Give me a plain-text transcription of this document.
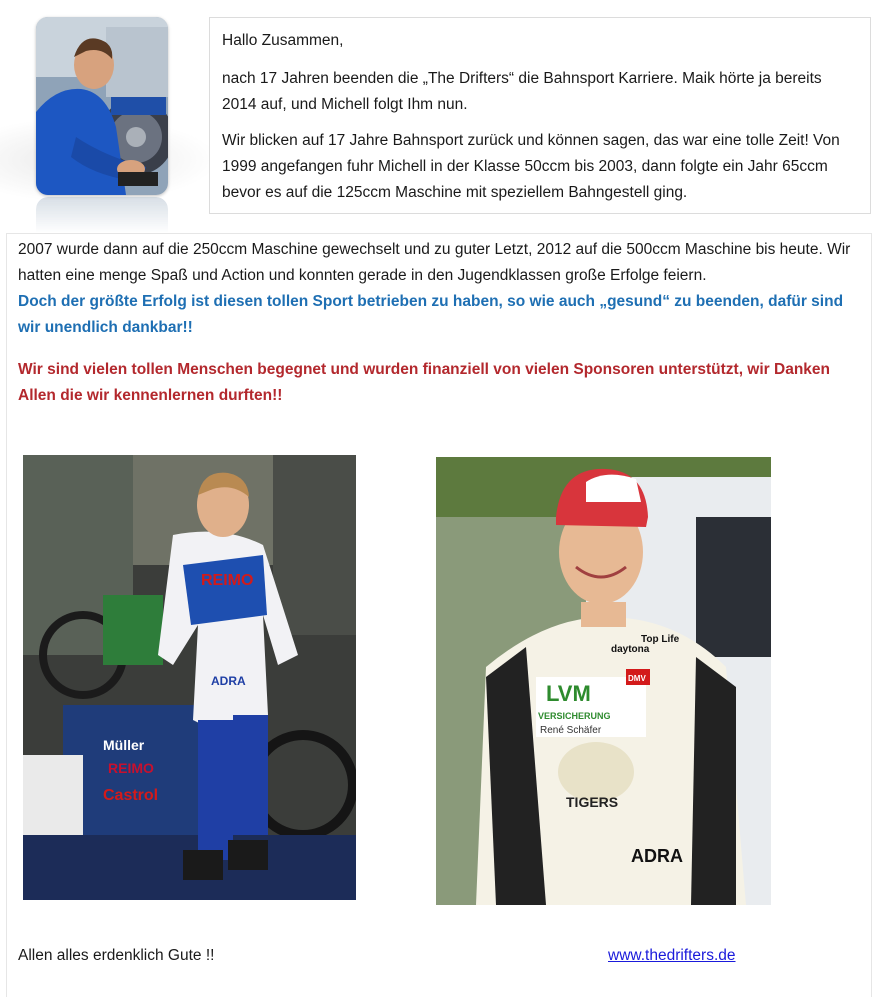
Hallo Zusammen,

nach 17 Jahren beenden die „The Drifters“ die Bahnsport Karriere. Maik hörte ja bereits 2014 auf, und Michell folgt Ihm nun.

Wir blicken auf 17 Jahre Bahnsport zurück und können sagen, das war eine tolle Zeit! Von 1999 angefangen fuhr Michell in der Klasse 50ccm bis 2003, dann folgte ein Jahr 65ccm bevor es auf die 125ccm Maschine mit speziellem Bahngestell ging.

2007 wurde dann auf die 250ccm Maschine gewechselt und zu guter Letzt, 2012 auf die 500ccm Maschine bis heute. Wir hatten eine menge Spaß und Action und konnten gerade in den Jugendklassen große Erfolge feiern.

Doch der größte Erfolg ist diesen tollen Sport betrieben zu haben, so wie auch „gesund“ zu beenden, dafür sind wir unendlich dankbar!!

Wir sind vielen tollen Menschen begegnet und wurden finanziell von vielen Sponsoren unterstützt, wir Danken Allen die wir kennenlernen durften!!

Müller
REIMO
Castrol
REIMO
ADRA	LVM
VERSICHERUNG
René Schäfer
TIGERS
ADRA
daytona
Top Life
DMV
Allen alles erdenklich Gute !!	www.thedrifters.de
